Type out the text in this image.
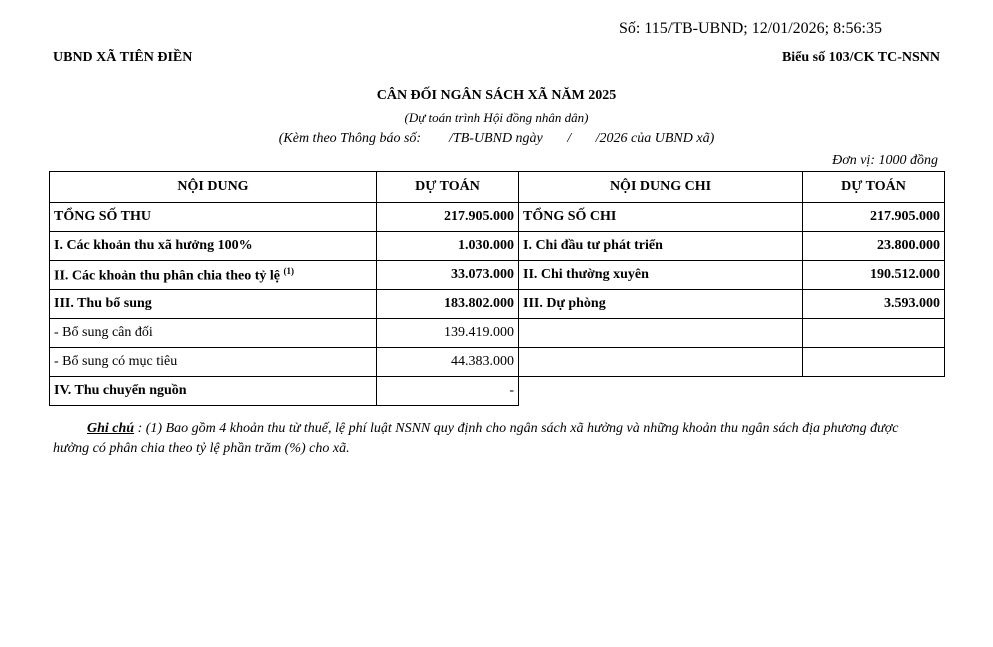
Số: 115/TB-UBND; 12/01/2026; 8:56:35
UBND XÃ TIÊN ĐIỀN	Biểu số 103/CK TC-NSNN
CÂN ĐỐI NGÂN SÁCH XÃ NĂM 2025
(Dự toán trình Hội đồng nhân dân)
(Kèm theo Thông báo số:        /TB-UBND ngày       /       /2026 của UBND xã)
Đơn vị: 1000 đồng
NỘI DUNG	DỰ TOÁN	NỘI DUNG CHI	DỰ TOÁN
TỔNG SỐ THU	217.905.000	TỔNG SỐ CHI	217.905.000
I. Các khoản thu xã hưởng 100%	1.030.000	I. Chi đầu tư phát triển	23.800.000
II. Các khoản thu phân chia theo tỷ lệ $^{(1)}$	33.073.000	II. Chi thường xuyên	190.512.000
III. Thu bổ sung	183.802.000	III. Dự phòng	3.593.000
- Bổ sung cân đối	139.419.000		
- Bổ sung có mục tiêu	44.383.000		
IV. Thu chuyển nguồn	-		
Ghi chú : (1) Bao gồm 4 khoản thu từ thuế, lệ phí luật NSNN quy định cho ngân sách xã hưởng và những khoản thu ngân sách địa phương được hưởng có phân chia theo tỷ lệ phần trăm (%) cho xã.
